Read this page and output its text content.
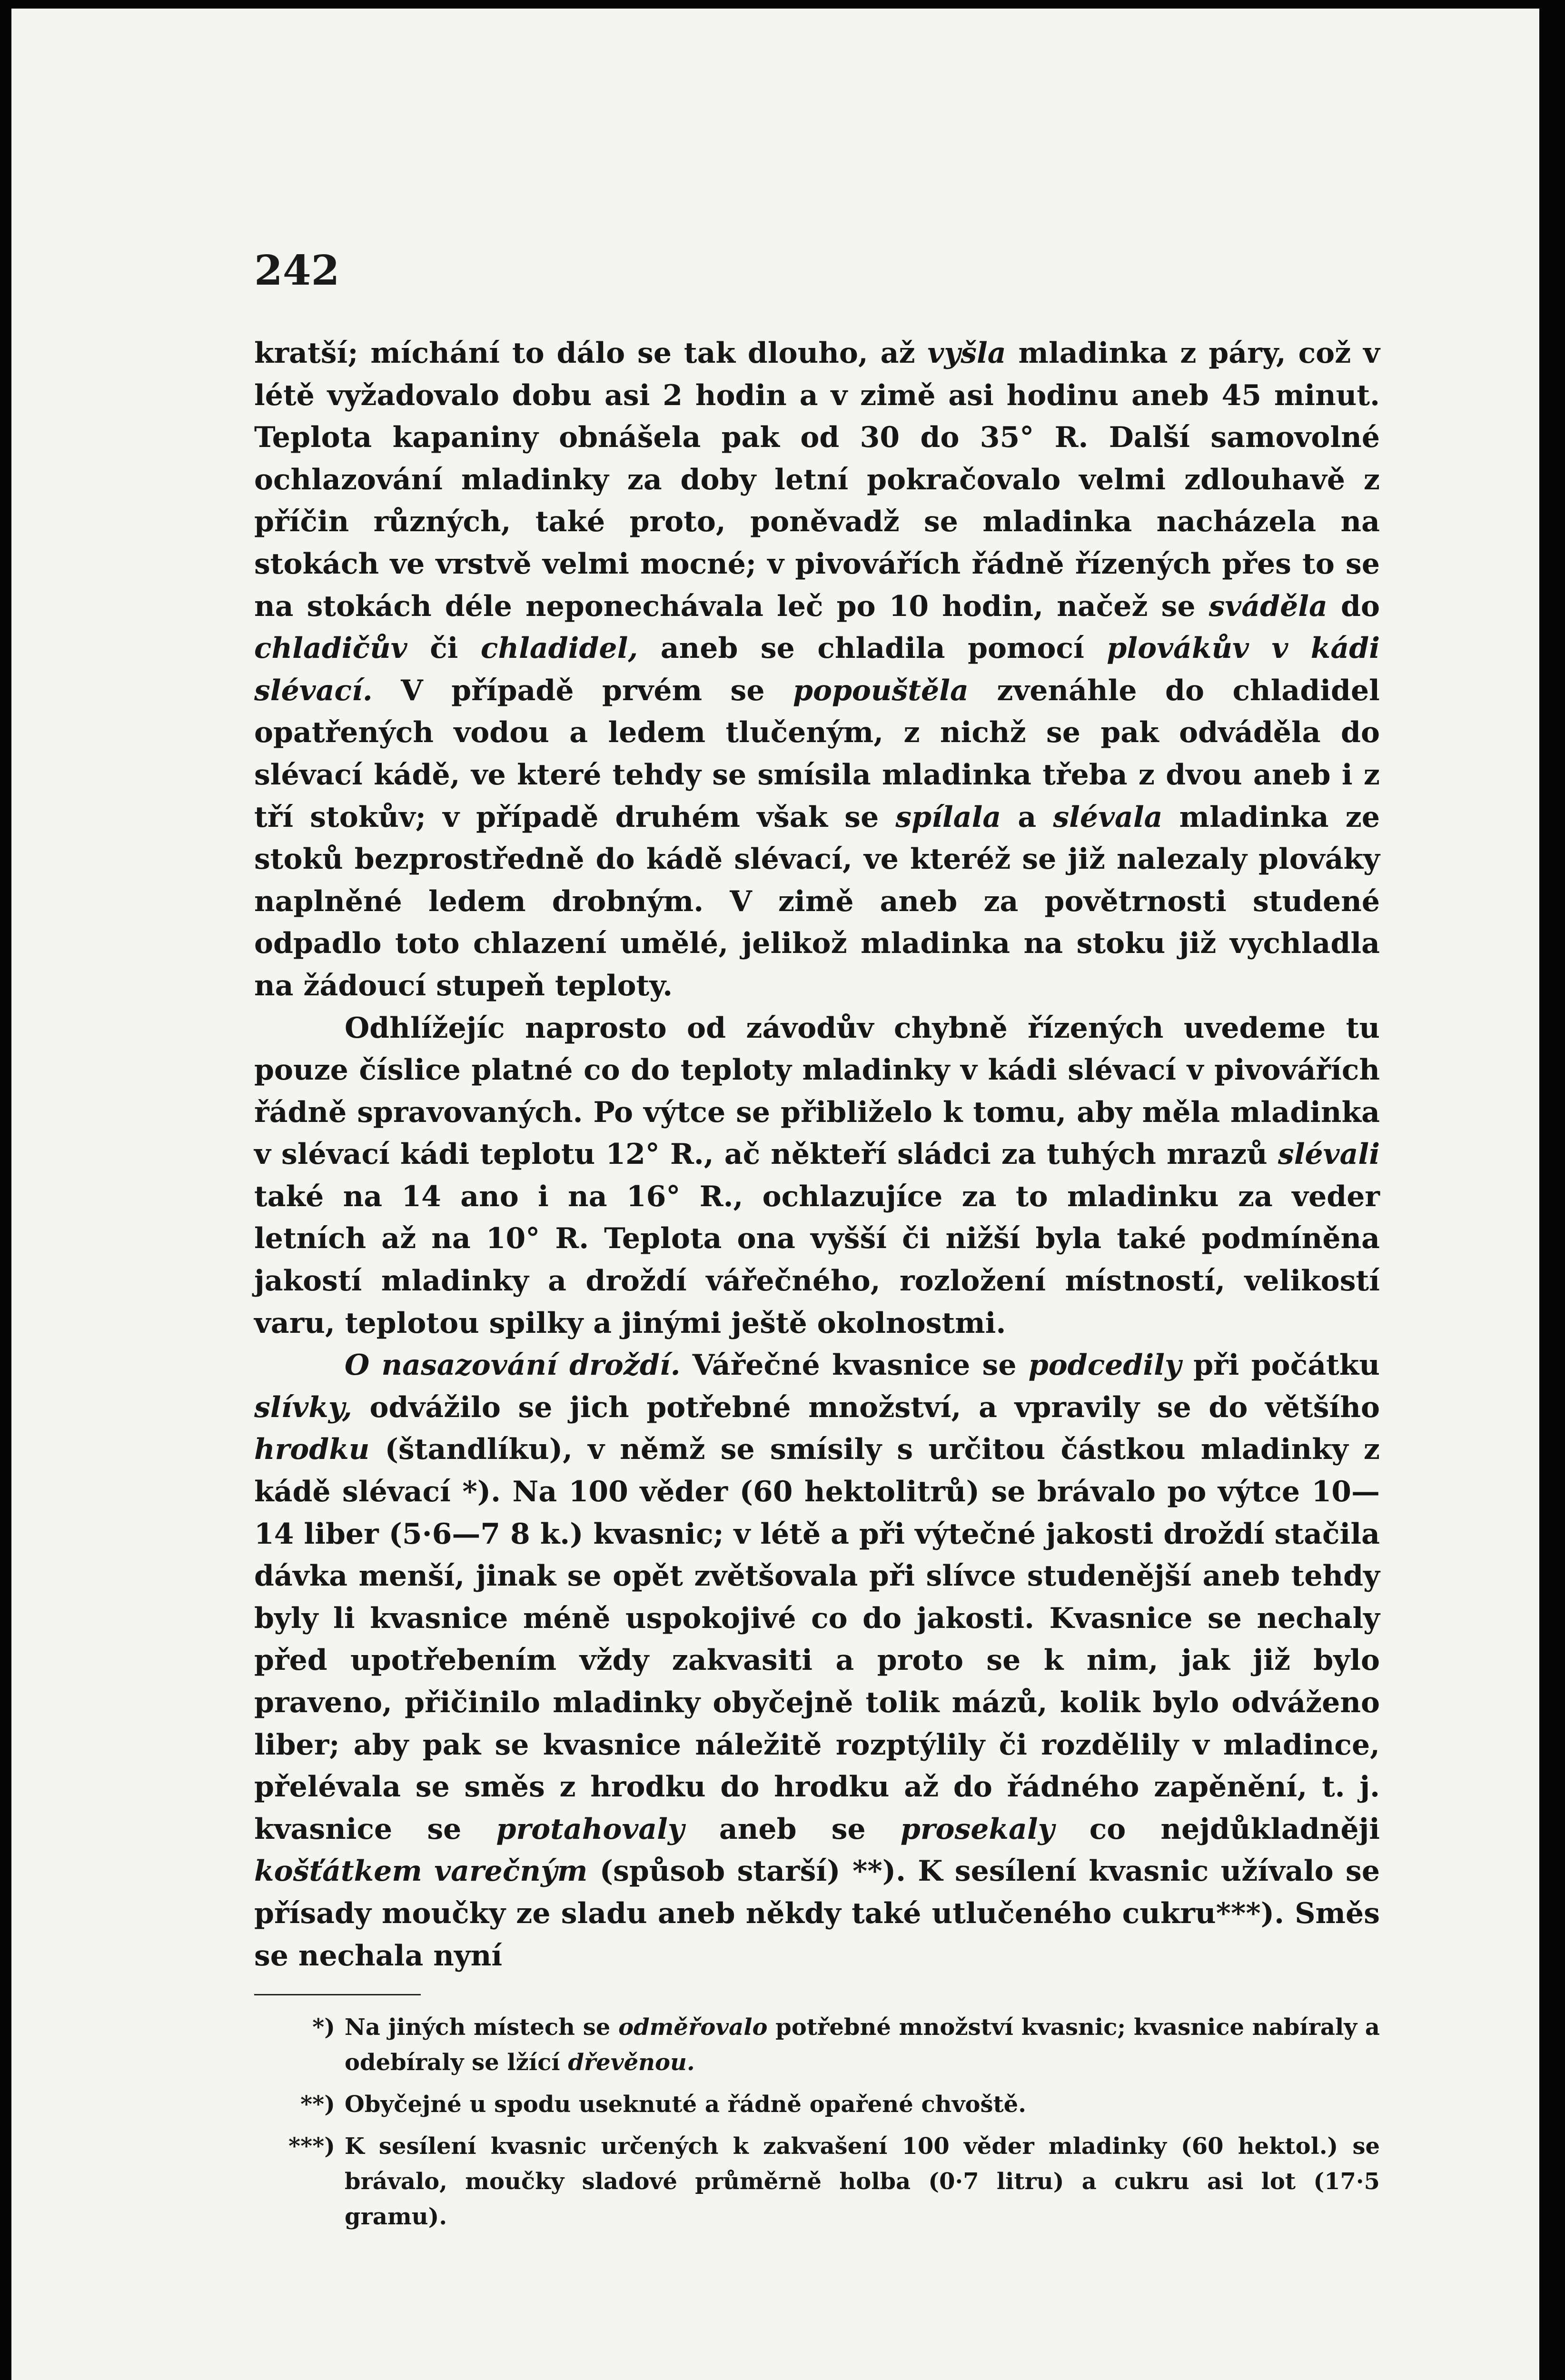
242

kratší; míchání to dálo se tak dlouho, až vyšla mladinka z páry, což v létě vyžadovalo dobu asi 2 hodin a v zimě asi hodinu aneb 45 minut. Teplota kapaniny obnášela pak od 30 do 35° R. Další samovolné ochlazování mladinky za doby letní pokračovalo velmi zdlouhavě z příčin různých, také proto, poněvadž se mladinka nacházela na stokách ve vrstvě velmi mocné; v pivovářích řádně řízených přes to se na stokách déle neponechávala leč po 10 hodin, načež se sváděla do chladičův či chladidel, aneb se chladila pomocí plovákův v kádi slévací. V případě prvém se popouštěla zvenáhle do chladidel opatřených vodou a ledem tlučeným, z nichž se pak odváděla do slévací kádě, ve které tehdy se smísila mladinka třeba z dvou aneb i z tří stokův; v případě druhém však se spílala a slévala mladinka ze stoků bezprostředně do kádě slévací, ve kteréž se již nalezaly plováky naplněné ledem drobným. V zimě aneb za povětrnosti studené odpadlo toto chlazení umělé, jelikož mladinka na stoku již vychladla na žádoucí stupeň teploty.

Odhlížejíc naprosto od závodův chybně řízených uvedeme tu pouze číslice platné co do teploty mladinky v kádi slévací v pivovářích řádně spravovaných. Po výtce se přibliželo k tomu, aby měla mladinka v slévací kádi teplotu 12° R., ač někteří sládci za tuhých mrazů slévali také na 14 ano i na 16° R., ochlazujíce za to mladinku za veder letních až na 10° R. Teplota ona vyšší či nižší byla také podmíněna jakostí mladinky a droždí vářečného, rozložení místností, velikostí varu, teplotou spilky a jinými ještě okolnostmi.

O nasazování droždí. Vářečné kvasnice se podcedily při počátku slívky, odvážilo se jich potřebné množství, a vpravily se do většího hrodku (štandlíku), v němž se smísily s určitou částkou mladinky z kádě slévací *). Na 100 věder (60 hektolitrů) se brávalo po výtce 10—14 liber (5·6—7 8 k.) kvasnic; v létě a při výtečné jakosti droždí stačila dávka menší, jinak se opět zvětšovala při slívce studenější aneb tehdy byly li kvasnice méně uspokojivé co do jakosti. Kvasnice se nechaly před upotřebením vždy zakvasiti a proto se k nim, jak již bylo praveno, přičinilo mladinky obyčejně tolik mázů, kolik bylo odváženo liber; aby pak se kvasnice náležitě rozptýlily či rozdělily v mladince, přelévala se směs z hrodku do hrodku až do řádného zapěnění, t. j. kvasnice se protahovaly aneb se prosekaly co nejdůkladněji košťátkem varečným (spůsob starší) **). K sesílení kvasnic užívalo se přísady moučky ze sladu aneb někdy také utlučeného cukru***). Směs se nechala nyní

*) Na jiných místech se odměřovalo potřebné množství kvasnic; kvasnice nabíraly a odebíraly se lžící dřevěnou.
**) Obyčejné u spodu useknuté a řádně opařené chvoště.
***) K sesílení kvasnic určených k zakvašení 100 věder mladinky (60 hektol.) se brávalo, moučky sladové průměrně holba (0·7 litru) a cukru asi lot (17·5 gramu).
